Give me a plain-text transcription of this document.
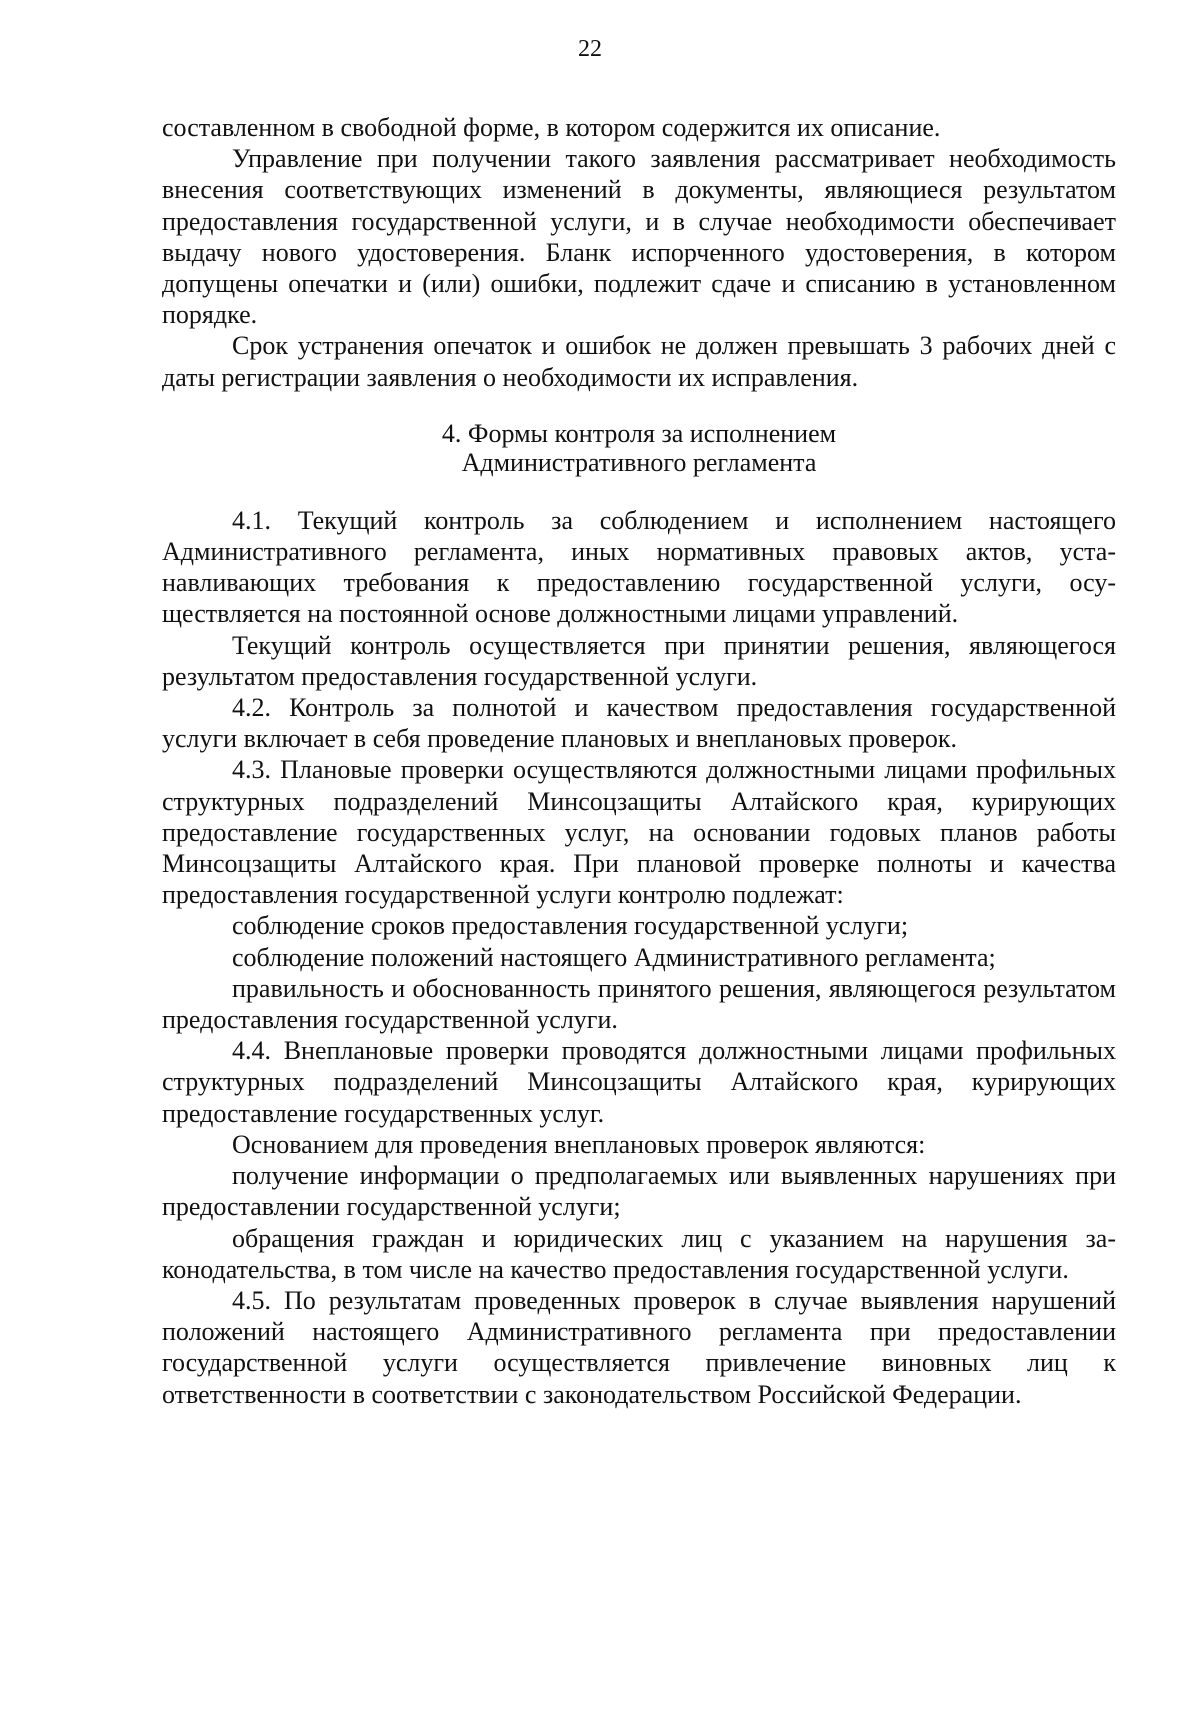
22

составленном в свободной форме, в котором содержится их описание.

Управление при получении такого заявления рассматривает необходимость внесения соответствующих изменений в документы, являющиеся результатом предоставления государственной услуги, и в случае необходимости обеспечивает выдачу нового удостоверения. Бланк испорченного удостоверения, в котором допущены опечатки и (или) ошибки, подлежит сдаче и списанию в установленном порядке.

Срок устранения опечаток и ошибок не должен превышать 3 рабочих дней с даты регистрации заявления о необходимости их исправления.

4. Формы контроля за исполнением
Административного регламента

4.1. Текущий контроль за соблюдением и исполнением настоящего Административного регламента, иных нормативных правовых актов, устанавливающих требования к предоставлению государственной услуги, осуществляется на постоянной основе должностными лицами управлений.

Текущий контроль осуществляется при принятии решения, являющегося результатом предоставления государственной услуги.

4.2. Контроль за полнотой и качеством предоставления государственной услуги включает в себя проведение плановых и внеплановых проверок.

4.3. Плановые проверки осуществляются должностными лицами профильных структурных подразделений Минсоцзащиты Алтайского края, курирующих предоставление государственных услуг, на основании годовых планов работы Минсоцзащиты Алтайского края. При плановой проверке полноты и качества предоставления государственной услуги контролю подлежат:

соблюдение сроков предоставления государственной услуги;

соблюдение положений настоящего Административного регламента;

правильность и обоснованность принятого решения, являющегося результатом предоставления государственной услуги.

4.4. Внеплановые проверки проводятся должностными лицами профильных структурных подразделений Минсоцзащиты Алтайского края, курирующих предоставление государственных услуг.

Основанием для проведения внеплановых проверок являются:

получение информации о предполагаемых или выявленных нарушениях при предоставлении государственной услуги;

обращения граждан и юридических лиц с указанием на нарушения законодательства, в том числе на качество предоставления государственной услуги.

4.5. По результатам проведенных проверок в случае выявления нарушений положений настоящего Административного регламента при предоставлении государственной услуги осуществляется привлечение виновных лиц к ответственности в соответствии с законодательством Российской Федерации.
